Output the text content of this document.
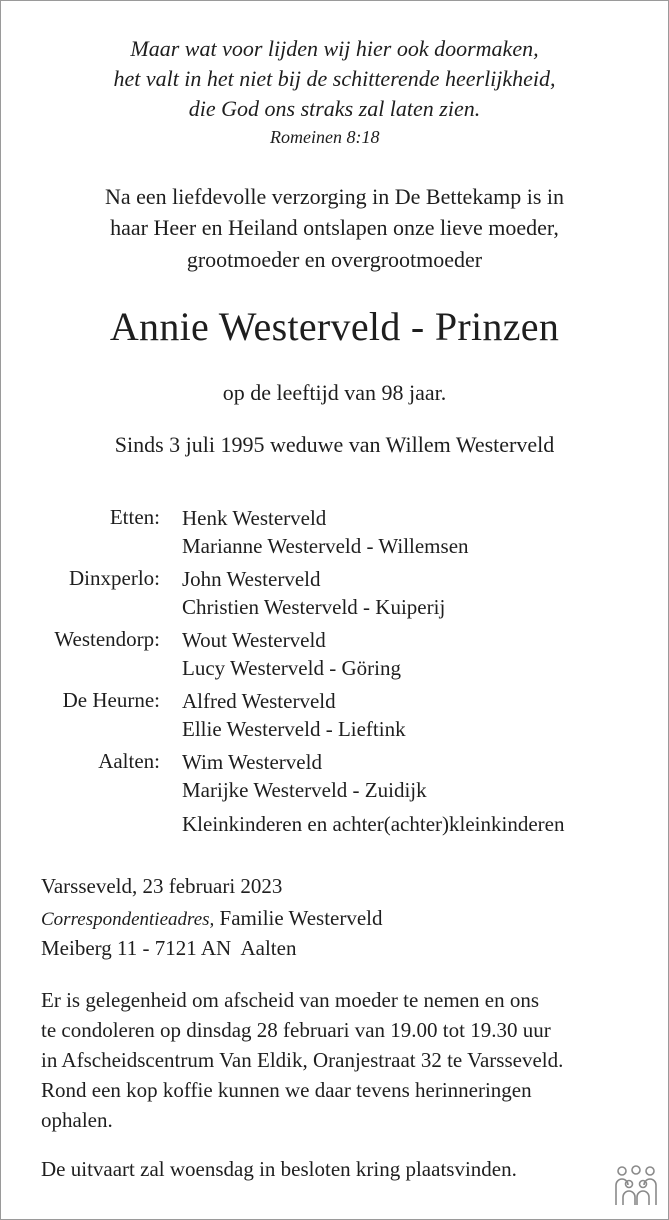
Maar wat voor lijden wij hier ook doormaken,
het valt in het niet bij de schitterende heerlijkheid,
die God ons straks zal laten zien.
Romeinen 8:18
Na een liefdevolle verzorging in De Bettekamp is in
haar Heer en Heiland ontslapen onze lieve moeder,
grootmoeder en overgrootmoeder
Annie Westerveld - Prinzen
op de leeftijd van 98 jaar.
Sinds 3 juli 1995 weduwe van Willem Westerveld
Etten: Henk Westerveld
Marianne Westerveld - Willemsen
Dinxperlo: John Westerveld
Christien Westerveld - Kuiperij
Westendorp: Wout Westerveld
Lucy Westerveld - Göring
De Heurne: Alfred Westerveld
Ellie Westerveld - Lieftink
Aalten: Wim Westerveld
Marijke Westerveld - Zuidijk
Kleinkinderen en achter(achter)kleinkinderen
Varsseveld, 23 februari 2023
Correspondentieadres, Familie Westerveld
Meiberg 11 - 7121 AN  Aalten
Er is gelegenheid om afscheid van moeder te nemen en ons
te condoleren op dinsdag 28 februari van 19.00 tot 19.30 uur
in Afscheidscentrum Van Eldik, Oranjestraat 32 te Varsseveld.
Rond een kop koffie kunnen we daar tevens herinneringen
ophalen.
De uitvaart zal woensdag in besloten kring plaatsvinden.
